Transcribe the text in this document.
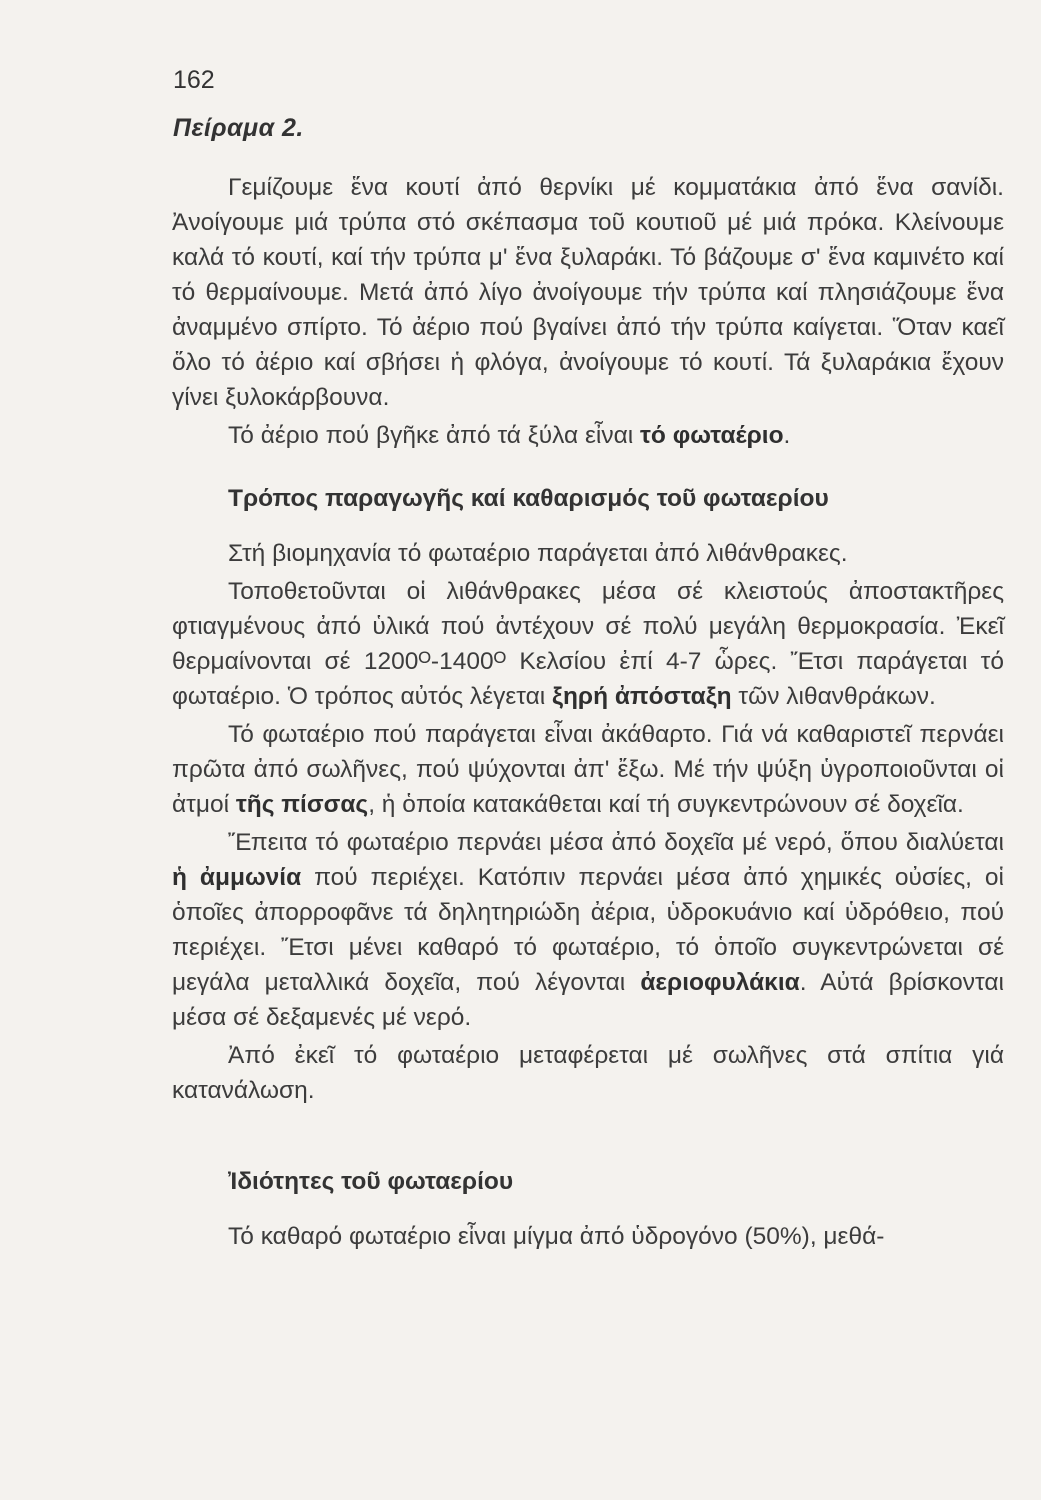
162
Πείραμα 2.

Γεμίζουμε ἕνα κουτί ἀπό θερνίκι μέ κομματάκια ἀπό ἕνα σανίδι. Ἀνοίγουμε μιά τρύπα στό σκέπασμα τοῦ κουτιοῦ μέ μιά πρόκα. Κλείνουμε καλά τό κουτί, καί τήν τρύπα μ' ἕνα ξυλαράκι. Τό βάζουμε σ' ἕνα καμινέτο καί τό θερμαίνουμε. Μετά ἀπό λίγο ἀνοίγουμε τήν τρύπα καί πλησιάζουμε ἕνα ἀναμμένο σπίρτο. Τό ἀέριο πού βγαίνει ἀπό τήν τρύπα καίγεται. Ὅταν καεῖ ὅλο τό ἀέριο καί σβήσει ἡ φλόγα, ἀνοίγουμε τό κουτί. Τά ξυλαράκια ἔχουν γίνει ξυλοκάρβουνα.

Τό ἀέριο πού βγῆκε ἀπό τά ξύλα εἶναι τό φωταέριο.

Τρόπος παραγωγῆς καί καθαρισμός τοῦ φωταερίου

Στή βιομηχανία τό φωταέριο παράγεται ἀπό λιθάνθρακες.

Τοποθετοῦνται οἱ λιθάνθρακες μέσα σέ κλειστούς ἀποστακτῆρες φτιαγμένους ἀπό ὑλικά πού ἀντέχουν σέ πολύ μεγάλη θερμοκρασία. Ἐκεῖ θερμαίνονται σέ 1200ᴼ-1400ᴼ Κελσίου ἐπί 4-7 ὧρες. Ἔτσι παράγεται τό φωταέριο. Ὁ τρόπος αὐτός λέγεται ξηρή ἀπόσταξη τῶν λιθανθράκων.

Τό φωταέριο πού παράγεται εἶναι ἀκάθαρτο. Γιά νά καθαριστεῖ περνάει πρῶτα ἀπό σωλῆνες, πού ψύχονται ἀπ' ἔξω. Μέ τήν ψύξη ὑγροποιοῦνται οἱ ἀτμοί τῆς πίσσας, ἡ ὁποία κατακάθεται καί τή συγκεντρώνουν σέ δοχεῖα.

Ἔπειτα τό φωταέριο περνάει μέσα ἀπό δοχεῖα μέ νερό, ὅπου διαλύεται ἡ ἀμμωνία πού περιέχει. Κατόπιν περνάει μέσα ἀπό χημικές οὐσίες, οἱ ὁποῖες ἀπορροφᾶνε τά δηλητηριώδη ἀέρια, ὑδροκυάνιο καί ὑδρόθειο, πού περιέχει. Ἔτσι μένει καθαρό τό φωταέριο, τό ὁποῖο συγκεντρώνεται σέ μεγάλα μεταλλικά δοχεῖα, πού λέγονται ἀεριοφυλάκια. Αὐτά βρίσκονται μέσα σέ δεξαμενές μέ νερό.

Ἀπό ἐκεῖ τό φωταέριο μεταφέρεται μέ σωλῆνες στά σπίτια γιά κατανάλωση.

Ἰδιότητες τοῦ φωταερίου

Τό καθαρό φωταέριο εἶναι μίγμα ἀπό ὑδρογόνο (50%), μεθά-
